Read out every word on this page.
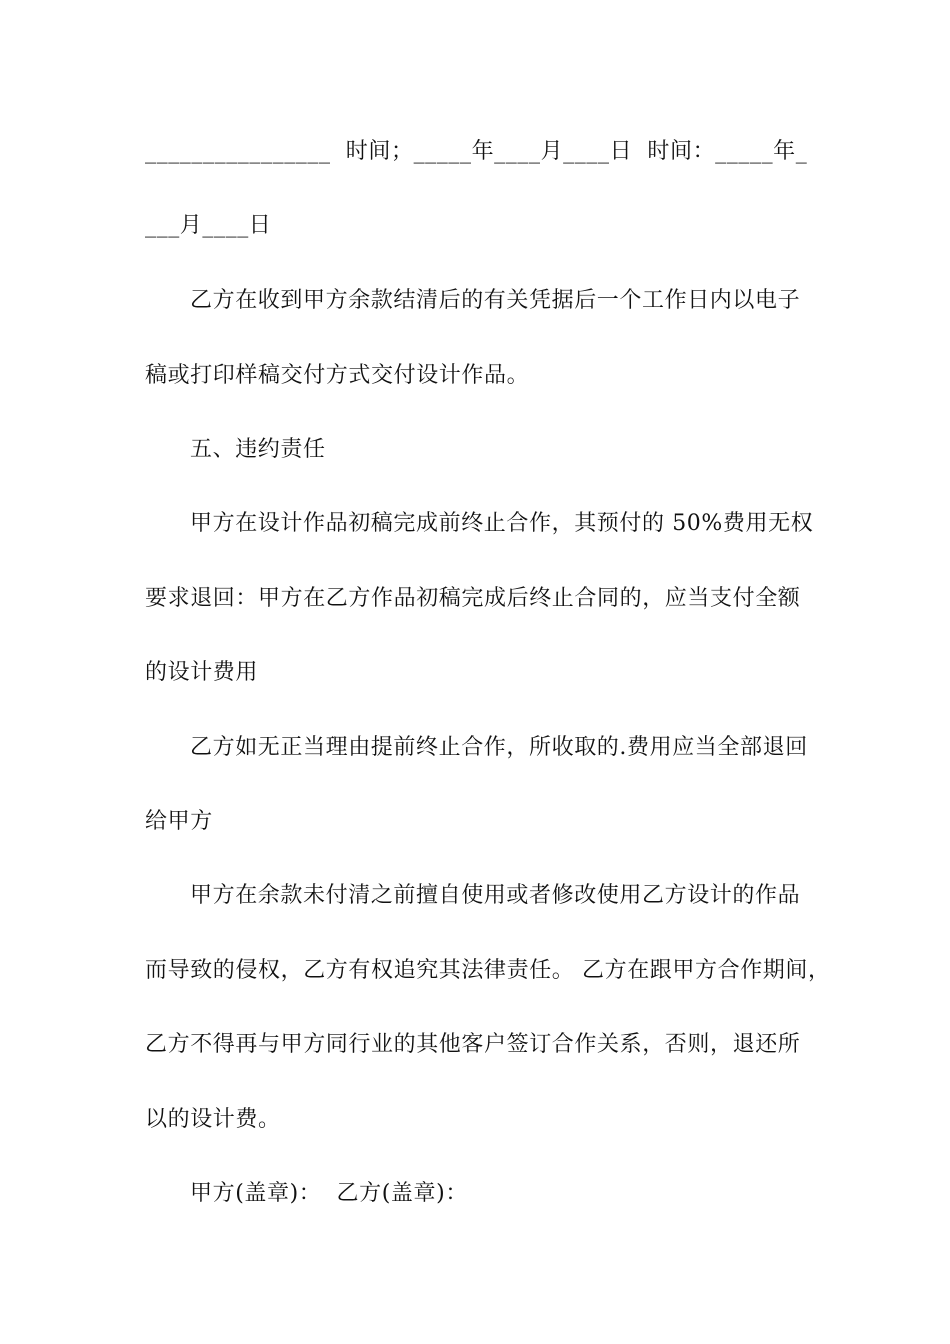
________________  时间；_____年____月____日  时间：_____年_
___月____日
乙方在收到甲方余款结清后的有关凭据后一个工作日内以电子
稿或打印样稿交付方式交付设计作品。
五、违约责任
甲方在设计作品初稿完成前终止合作，其预付的 50%费用无权
要求退回：甲方在乙方作品初稿完成后终止合同的，应当支付全额
的设计费用
乙方如无正当理由提前终止合作，所收取的.费用应当全部退回
给甲方
甲方在余款未付清之前擅自使用或者修改使用乙方设计的作品
而导致的侵权，乙方有权追究其法律责任。 乙方在跟甲方合作期间，
乙方不得再与甲方同行业的其他客户签订合作关系，否则，退还所
以的设计费。
甲方(盖章)：  乙方(盖章)：
